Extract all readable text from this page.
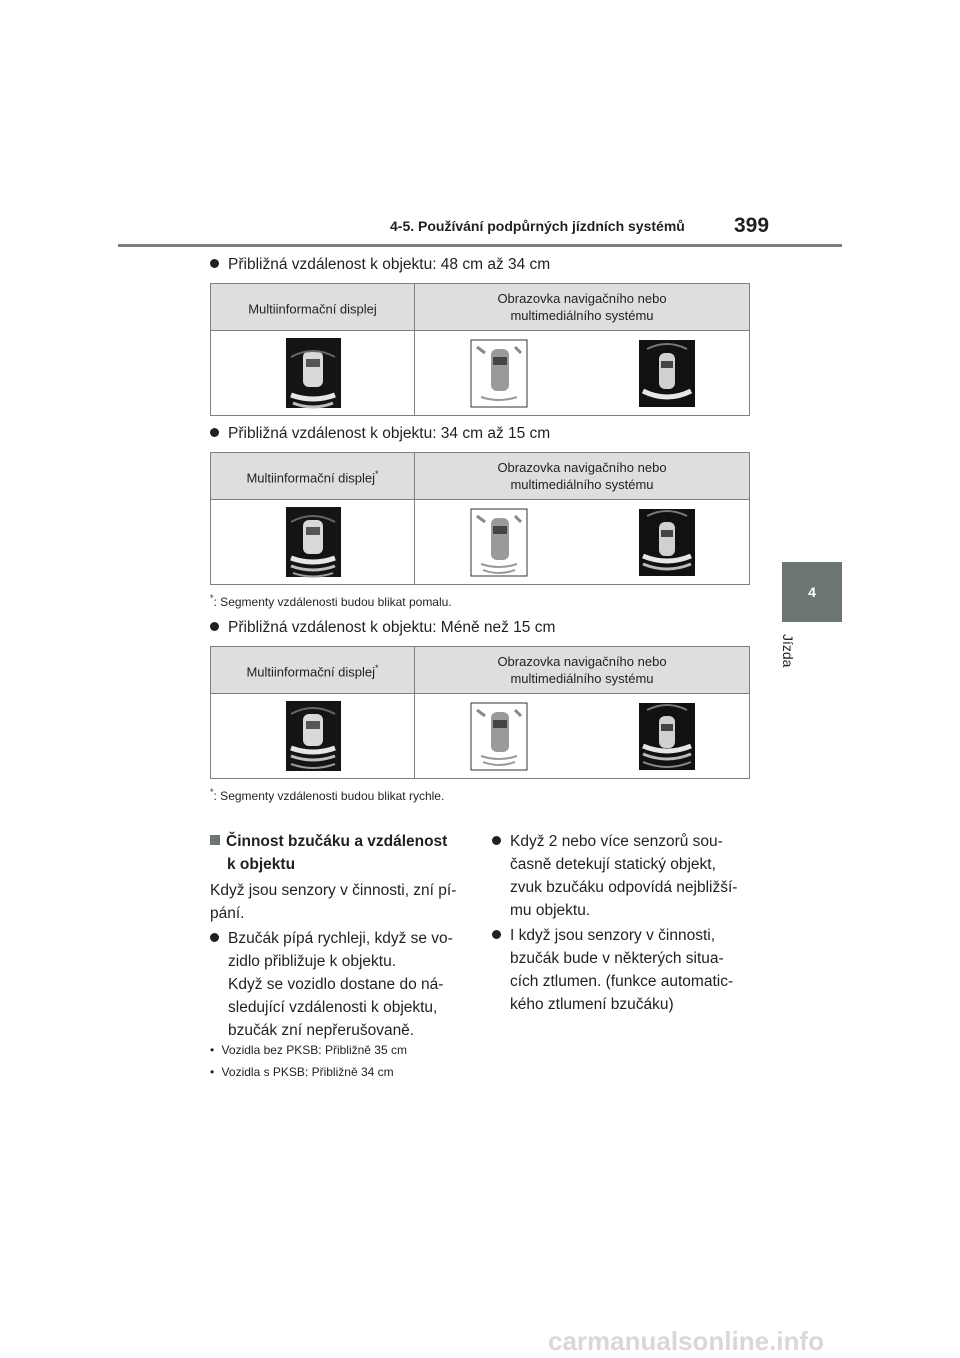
4-5. Používání podpůrných jízdních systémů 399
4
Jízda
Přibližná vzdálenost k objektu: 48 cm až 34 cm
Multiinformační displej	Obrazovka navigačního nebo multimediálního systému

Přibližná vzdálenost k objektu: 34 cm až 15 cm
Multiinformační displej*	Obrazovka navigačního nebo multimediálního systému

*: Segmenty vzdálenosti budou blikat pomalu.
Přibližná vzdálenost k objektu: Méně než 15 cm
Multiinformační displej*	Obrazovka navigačního nebo multimediálního systému

*: Segmenty vzdálenosti budou blikat rychle.
Činnost bzučáku a vzdálenost
k objektu
Když jsou senzory v činnosti, zní pí-
pání.
Bzučák pípá rychleji, když se vo-
zidlo přibližuje k objektu.
Když se vozidlo dostane do ná-
sledující vzdálenosti k objektu,
bzučák zní nepřerušovaně.
• Vozidla bez PKSB: Přibližně 35 cm
• Vozidla s PKSB: Přibližně 34 cm
Když 2 nebo více senzorů sou-
časně detekují statický objekt,
zvuk bzučáku odpovídá nejbližší-
mu objektu.
I když jsou senzory v činnosti,
bzučák bude v některých situa-
cích ztlumen. (funkce automatic-
kého ztlumení bzučáku)
carmanualsonline.info
